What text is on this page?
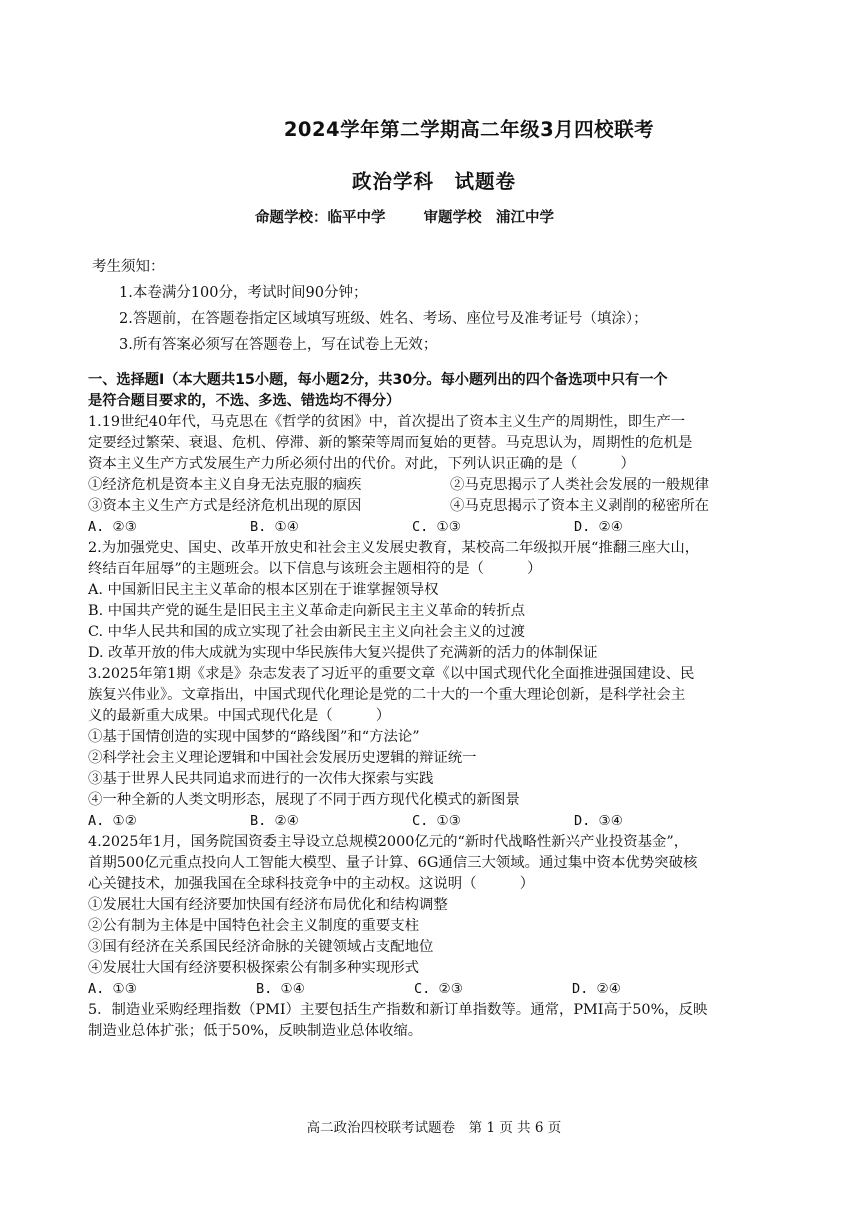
2024学年第二学期高二年级3月四校联考
政治学科　试题卷
命题学校：临平中学	审题学校　浦江中学
考生须知：
1.本卷满分100分，考试时间90分钟；
2.答题前，在答题卷指定区域填写班级、姓名、考场、座位号及准考证号（填涂）；
3.所有答案必须写在答题卷上，写在试卷上无效；
一、选择题Ⅰ（本大题共15小题，每小题2分，共30分。每小题列出的四个备选项中只有一个
是符合题目要求的，不选、多选、错选均不得分）
1.19世纪40年代，马克思在《哲学的贫困》中，首次提出了资本主义生产的周期性，即生产一
定要经过繁荣、衰退、危机、停滞、新的繁荣等周而复始的更替。马克思认为，周期性的危机是
资本主义生产方式发展生产力所必须付出的代价。对此，下列认识正确的是（　　　）
①经济危机是资本主义自身无法克服的痼疾	②马克思揭示了人类社会发展的一般规律
③资本主义生产方式是经济危机出现的原因	④马克思揭示了资本主义剥削的秘密所在
A. ②③	B. ①④	C. ①③	D. ②④
2.为加强党史、国史、改革开放史和社会主义发展史教育，某校高二年级拟开展“推翻三座大山，
终结百年屈辱”的主题班会。以下信息与该班会主题相符的是（　　　）
A. 中国新旧民主主义革命的根本区别在于谁掌握领导权
B. 中国共产党的诞生是旧民主主义革命走向新民主主义革命的转折点
C. 中华人民共和国的成立实现了社会由新民主主义向社会主义的过渡
D. 改革开放的伟大成就为实现中华民族伟大复兴提供了充满新的活力的体制保证
3.2025年第1期《求是》杂志发表了习近平的重要文章《以中国式现代化全面推进强国建设、民
族复兴伟业》。文章指出，中国式现代化理论是党的二十大的一个重大理论创新，是科学社会主
义的最新重大成果。中国式现代化是（　　　）
①基于国情创造的实现中国梦的“路线图”和“方法论”
②科学社会主义理论逻辑和中国社会发展历史逻辑的辩证统一
③基于世界人民共同追求而进行的一次伟大探索与实践
④一种全新的人类文明形态，展现了不同于西方现代化模式的新图景
A. ①②	B. ②④	C. ①③	D. ③④
4.2025年1月，国务院国资委主导设立总规模2000亿元的“新时代战略性新兴产业投资基金”，
首期500亿元重点投向人工智能大模型、量子计算、6G通信三大领域。通过集中资本优势突破核
心关键技术，加强我国在全球科技竞争中的主动权。这说明（　　　）
①发展壮大国有经济要加快国有经济布局优化和结构调整
②公有制为主体是中国特色社会主义制度的重要支柱
③国有经济在关系国民经济命脉的关键领域占支配地位
④发展壮大国有经济要积极探索公有制多种实现形式
A. ①③	B. ①④	C. ②③	D. ②④
5．制造业采购经理指数（PMI）主要包括生产指数和新订单指数等。通常，PMI高于50%，反映
制造业总体扩张；低于50%，反映制造业总体收缩。
高二政治四校联考试题卷　第 1 页 共 6 页
